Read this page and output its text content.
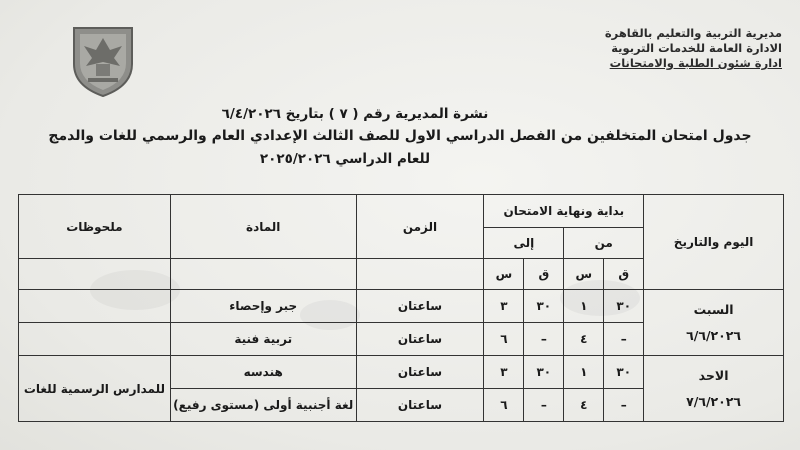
مديرية التربية والتعليم بالقاهرة
الادارة العامة للخدمات التربوية
ادارة شئون الطلبة والامتحانات
نشرة المديرية رقم ( ٧ ) بتاريخ ٦/٤/٢٠٢٦
جدول امتحان المتخلفين من الفصل الدراسي الاول للصف الثالث الإعدادي العام والرسمي للغات والدمج
للعام الدراسي ٢٠٢٥/٢٠٢٦
اليوم والتاريخ	بداية ونهاية الامتحان				الزمن	المادة	ملحوظات
	من		إلى				
	ق	س	ق	س			

السبت
٦/٦/٢٠٢٦	٣٠	١	٣٠	٣	ساعتان	جبر وإحصاء	
	–	٤	–	٦	ساعتان	تربية فنية	

الاحد
٧/٦/٢٠٢٦	٣٠	١	٣٠	٣	ساعتان	هندسه	للمدارس الرسمية للغات
	–	٤	–	٦	ساعتان	لغة أجنبية أولى (مستوى رفيع)	
